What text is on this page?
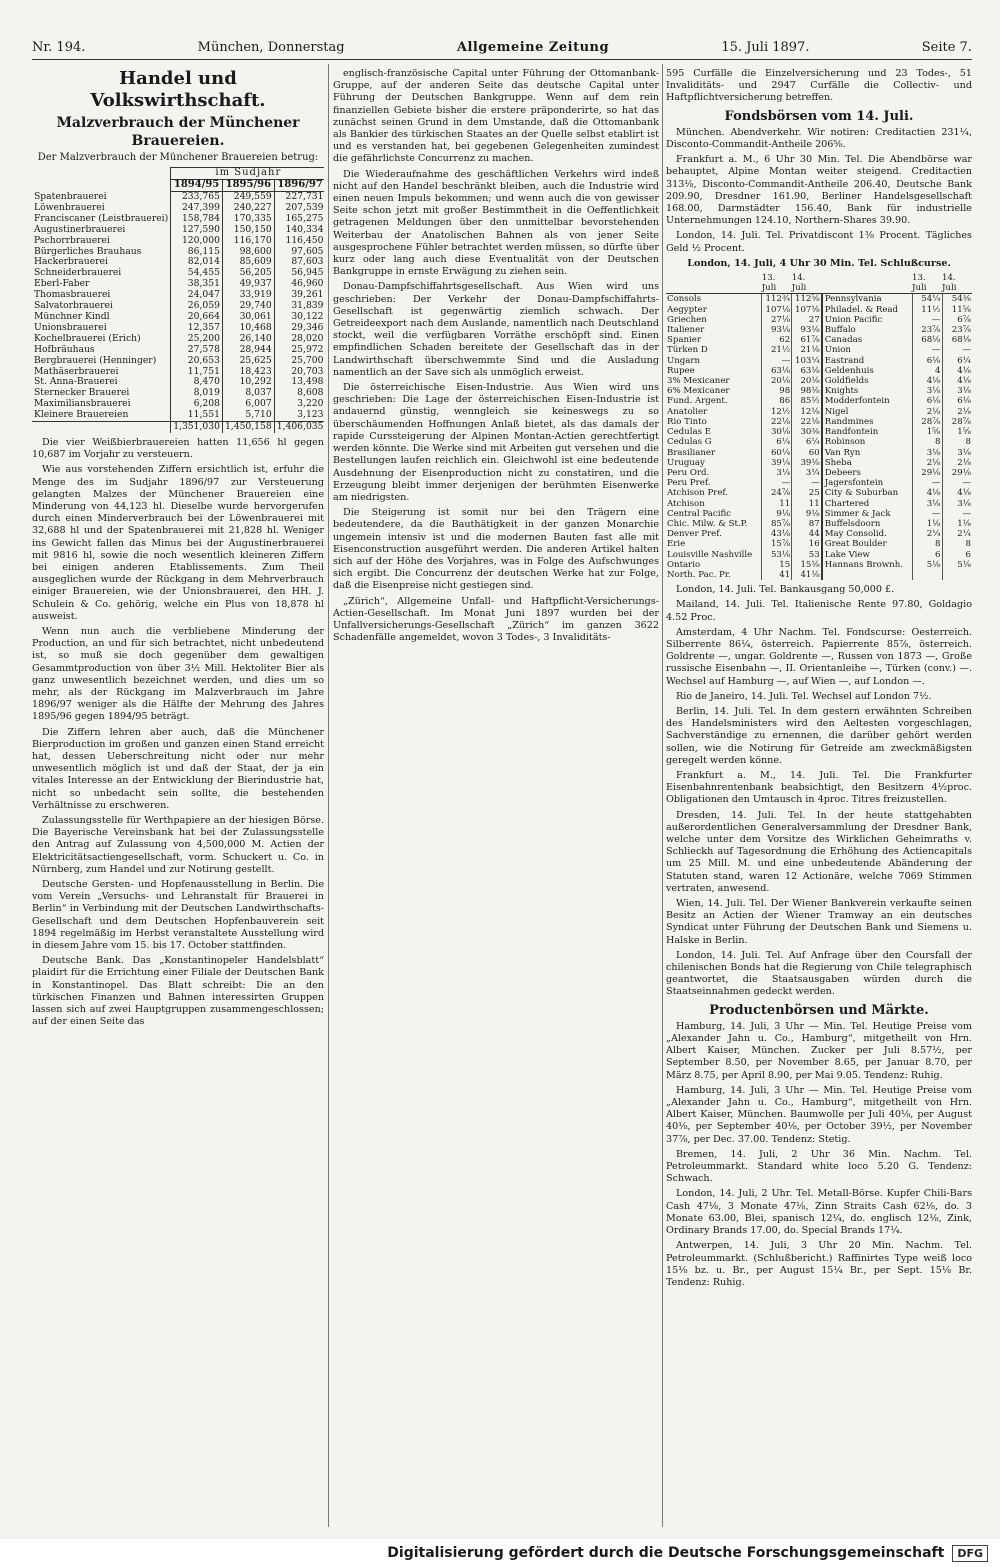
Nr. 194.	München, Donnerstag	Allgemeine Zeitung	15. Juli 1897.	Seite 7.
Handel und Volkswirthschaft.
Malzverbrauch der Münchener Brauereien.
Der Malzverbrauch der Münchener Brauereien betrug:
	im Sudjahr		
	1894/95	1895/96	1896/97
Spatenbrauerei	233,765	249,559	227,731
Löwenbrauerei	247,399	240,227	207,539
Franciscaner (Leistbrauerei)	158,784	170,335	165,275
Augustinerbrauerei	127,590	150,150	140,334
Pschorrbrauerei	120,000	116,170	116,450
Bürgerliches Brauhaus	86,115	98,600	97,605
Hackerbrauerei	82,014	85,609	87,603
Schneiderbrauerei	54,455	56,205	56,945
Eberl-Faber	38,351	49,937	46,960
Thomasbrauerei	24,047	33,919	39,261
Salvatorbrauerei	26,059	29,740	31,839
Münchner Kindl	20,664	30,061	30,122
Unionsbrauerei	12,357	10,468	29,346
Kochelbrauerei (Erich)	25,200	26,140	28,020
Hofbräuhaus	27,578	28,944	25,972
Bergbrauerei (Henninger)	20,653	25,625	25,700
Mathäserbrauerei	11,751	18,423	20,703
St. Anna-Brauerei	8,470	10,292	13,498
Sternecker Brauerei	8,019	8,037	8,608
Maximiliansbrauerei	6,208	6,007	3,220
Kleinere Brauereien	11,551	5,710	3,123
	1,351,030	1,450,158	1,406,035

Die vier Weißbierbrauereien hatten 11,656 hl gegen 10,687 im Vorjahr zu versteuern.

Wie aus vorstehenden Ziffern ersichtlich ist, erfuhr die Menge des im Sudjahr 1896/97 zur Versteuerung gelangten Malzes der Münchener Brauereien eine Minderung von 44,123 hl. Dieselbe wurde hervorgerufen durch einen Minderverbrauch bei der Löwenbrauerei mit 32,688 hl und der Spatenbrauerei mit 21,828 hl. Weniger ins Gewicht fallen das Minus bei der Augustinerbrauerei mit 9816 hl, sowie die noch wesentlich kleineren Ziffern bei einigen anderen Etablissements. Zum Theil ausgeglichen wurde der Rückgang in dem Mehrverbrauch einiger Brauereien, wie der Unionsbrauerei, den HH. J. Schulein & Co. gehörig, welche ein Plus von 18,878 hl ausweist.

Wenn nun auch die verbliebene Minderung der Production, an und für sich betrachtet, nicht unbedeutend ist, so muß sie doch gegenüber dem gewaltigen Gesammtproduction von über 3½ Mill. Hektoliter Bier als ganz unwesentlich bezeichnet werden, und dies um so mehr, als der Rückgang im Malzverbrauch im Jahre 1896/97 weniger als die Hälfte der Mehrung des Jahres 1895/96 gegen 1894/95 beträgt.

Die Ziffern lehren aber auch, daß die Münchener Bierproduction im großen und ganzen einen Stand erreicht hat, dessen Ueberschreitung nicht oder nur mehr unwesentlich möglich ist und daß der Staat, der ja ein vitales Interesse an der Entwicklung der Bierindustrie hat, nicht so unbedacht sein sollte, die bestehenden Verhältnisse zu erschweren.

Zulassungsstelle für Werthpapiere an der hiesigen Börse. Die Bayerische Vereinsbank hat bei der Zulassungsstelle den Antrag auf Zulassung von 4,500,000 M. Actien der Elektricitätsactiengesellschaft, vorm. Schuckert u. Co. in Nürnberg, zum Handel und zur Notirung gestellt.

Deutsche Gersten- und Hopfenausstellung in Berlin. Die vom Verein „Versuchs- und Lehranstalt für Brauerei in Berlin“ in Verbindung mit der Deutschen Landwirthschafts-Gesellschaft und dem Deutschen Hopfenbauverein seit 1894 regelmäßig im Herbst veranstaltete Ausstellung wird in diesem Jahre vom 15. bis 17. October stattfinden.

Deutsche Bank. Das „Konstantinopeler Handelsblatt“ plaidirt für die Errichtung einer Filiale der Deutschen Bank in Konstantinopel. Das Blatt schreibt: Die an den türkischen Finanzen und Bahnen interessirten Gruppen lassen sich auf zwei Hauptgruppen zusammengeschlossen; auf der einen Seite das

englisch-französische Capital unter Führung der Ottomanbank-Gruppe, auf der anderen Seite das deutsche Capital unter Führung der Deutschen Bankgruppe. Wenn auf dem rein finanziellen Gebiete bisher die erstere präponderirte, so hat das zunächst seinen Grund in dem Umstande, daß die Ottomanbank als Bankier des türkischen Staates an der Quelle selbst etablirt ist und es verstanden hat, bei gegebenen Gelegenheiten zumindest die gefährlichste Concurrenz zu machen.

Die Wiederaufnahme des geschäftlichen Verkehrs wird indeß nicht auf den Handel beschränkt bleiben, auch die Industrie wird einen neuen Impuls bekommen; und wenn auch die von gewisser Seite schon jetzt mit großer Bestimmtheit in die Oeffentlichkeit getragenen Meldungen über den unmittelbar bevorstehenden Weiterbau der Anatolischen Bahnen als von jener Seite ausgesprochene Fühler betrachtet werden müssen, so dürfte über kurz oder lang auch diese Eventualität von der Deutschen Bankgruppe in ernste Erwägung zu ziehen sein.

Donau-Dampfschiffahrtsgesellschaft. Aus Wien wird uns geschrieben: Der Verkehr der Donau-Dampfschiffahrts-Gesellschaft ist gegenwärtig ziemlich schwach. Der Getreideexport nach dem Auslande, namentlich nach Deutschland stockt, weil die verfügbaren Vorräthe erschöpft sind. Einen empfindlichen Schaden bereitete der Gesellschaft das in der Landwirthschaft überschwemmte Sind und die Ausladung namentlich an der Save sich als unmöglich erweist.

Die österreichische Eisen-Industrie. Aus Wien wird uns geschrieben: Die Lage der österreichischen Eisen-Industrie ist andauernd günstig, wenngleich sie keineswegs zu so überschäumenden Hoffnungen Anlaß bietet, als das damals der rapide Curssteigerung der Alpinen Montan-Actien gerechtfertigt werden könnte. Die Werke sind mit Arbeiten gut versehen und die Bestellungen laufen reichlich ein. Gleichwohl ist eine bedeutende Ausdehnung der Eisenproduction nicht zu constatiren, und die Erzeugung bleibt immer derjenigen der berühmten Eisenwerke am niedrigsten.

Die Steigerung ist somit nur bei den Trägern eine bedeutendere, da die Bauthätigkeit in der ganzen Monarchie ungemein intensiv ist und die modernen Bauten fast alle mit Eisenconstruction ausgeführt werden. Die anderen Artikel halten sich auf der Höhe des Vorjahres, was in Folge des Aufschwunges sich ergibt. Die Concurrenz der deutschen Werke hat zur Folge, daß die Eisenpreise nicht gestiegen sind.

„Zürich“, Allgemeine Unfall- und Haftpflicht-Versicherungs-Actien-Gesellschaft. Im Monat Juni 1897 wurden bei der Unfallversicherungs-Gesellschaft „Zürich“ im ganzen 3622 Schadenfälle angemeldet, wovon 3 Todes-, 3 Invaliditäts-

595 Curfälle die Einzelversicherung und 23 Todes-, 51 Invaliditäts- und 2947 Curfälle die Collectiv- und Haftpflichtversicherung betreffen.

Fondsbörsen vom 14. Juli.

München. Abendverkehr. Wir notiren: Creditactien 231¼, Disconto-Commandit-Antheile 206⅝.

Frankfurt a. M., 6 Uhr 30 Min. Tel. Die Abendbörse war behauptet, Alpine Montan weiter steigend. Creditactien 313⅛, Disconto-Commandit-Antheile 206.40, Deutsche Bank 209.90, Dresdner 161.90, Berliner Handelsgesellschaft 168.00, Darmstädter 156.40, Bank für industrielle Unternehmungen 124.10, Northern-Shares 39.90.

London, 14. Juli. Tel. Privatdiscont 1⅜ Procent. Tägliches Geld ½ Procent.

London, 14. Juli, 4 Uhr 30 Min. Tel. Schlußcurse.

	13. Juli	14. Juli		13. Juli	14. Juli
Consols	112¾	112⅝	Pennsylvania	54¼	54⅜
Aegypter	107⅛	107⅛	Philadel. & Read	11½	11⅝
Griechen	27⅛	27	Union Pacific	—	6⅞
Italiener	93⅛	93⅛	Buffalo	23⅞	23⅞
Spanier	62	61⅞	Canadas	68⅛	68⅛
Türken D	21½	21⅛	Union	—	—
Ungarn	—	103¼	Eastrand	6⅛	6¼
Rupee	63⅛	63⅛	Geldenhuis	4	4⅛
3% Mexicaner	20⅛	20⅛	Goldfields	4⅛	4⅛
6% Mexicaner	98	98⅛	Knights	3⅛	3⅛
Fund. Argent.	86	85½	Modderfontein	6⅛	6⅛
Anatolier	12½	12⅛	Nigel	2⅛	2⅛
Rio Tinto	22⅛	22⅛	Randmines	28⅞	28⅞
Cedulas E	30⅛	30⅜	Randfontein	1⅝	1⅝
Cedulas G	6¼	6¼	Robinson	8	8
Brasilianer	60¼	60	Van Ryn	3⅛	3⅛
Uruguay	39¼	39⅛	Sheba	2⅛	2⅛
Peru Ord.	3¼	3¼	Debeers	29⅛	29⅛
Peru Pref.	—	—	Jagersfontein	—	—
Atchison Pref.	24⅞	25	City & Suburban	4⅛	4⅛
Atchison	11	11	Chartered	3⅛	3⅛
Central Pacific	9⅛	9⅛	Simmer & Jack	—	—
Chic. Milw. & St.P.	85⅞	87	Buffelsdoorn	1⅛	1⅛
Denver Pref.	43⅛	44	May Consolid.	2¼	2¼
Erie	15⅞	16	Great Boulder	8	8
Louisville Nashville	53⅛	53	Lake View	6	6
Ontario	15	15⅛	Hannans Brownh.	5⅛	5⅛
North. Pac. Pr.	41	41⅛			

London, 14. Juli. Tel. Bankausgang 50,000 £.

Mailand, 14. Juli. Tel. Italienische Rente 97.80, Goldagio 4.52 Proc.

Amsterdam, 4 Uhr Nachm. Tel. Fondscurse: Oesterreich. Silberrente 86¼, österreich. Papierrente 85⅞, österreich. Goldrente —, ungar. Goldrente —, Russen von 1873 —, Große russische Eisenbahn —, II. Orientanleihe —, Türken (conv.) —. Wechsel auf Hamburg —, auf Wien —, auf London —.

Rio de Janeiro, 14. Juli. Tel. Wechsel auf London 7½.

Berlin, 14. Juli. Tel. In dem gestern erwähnten Schreiben des Handelsministers wird den Aeltesten vorgeschlagen, Sachverständige zu ernennen, die darüber gehört werden sollen, wie die Notirung für Getreide am zweckmäßigsten geregelt werden könne.

Frankfurt a. M., 14. Juli. Tel. Die Frankfurter Eisenbahnrentenbank beabsichtigt, den Besitzern 4½proc. Obligationen den Umtausch in 4proc. Titres freizustellen.

Dresden, 14. Juli. Tel. In der heute stattgehabten außerordentlichen Generalversammlung der Dresdner Bank, welche unter dem Vorsitze des Wirklichen Geheimraths v. Schlieckh auf Tagesordnung die Erhöhung des Actiencapitals um 25 Mill. M. und eine unbedeutende Abänderung der Statuten stand, waren 12 Actionäre, welche 7069 Stimmen vertraten, anwesend.

Wien, 14. Juli. Tel. Der Wiener Bankverein verkaufte seinen Besitz an Actien der Wiener Tramway an ein deutsches Syndicat unter Führung der Deutschen Bank und Siemens u. Halske in Berlin.

London, 14. Juli. Tel. Auf Anfrage über den Coursfall der chilenischen Bonds hat die Regierung von Chile telegraphisch geantwortet, die Staatsausgaben würden durch die Staatseinnahmen gedeckt werden.

Productenbörsen und Märkte.

Hamburg, 14. Juli, 3 Uhr — Min. Tel. Heutige Preise vom „Alexander Jahn u. Co., Hamburg“, mitgetheilt von Hrn. Albert Kaiser, München. Zucker per Juli 8.57½, per September 8.50, per November 8.65, per Januar 8.70, per März 8.75, per April 8.90, per Mai 9.05. Tendenz: Ruhig.

Hamburg, 14. Juli, 3 Uhr — Min. Tel. Heutige Preise vom „Alexander Jahn u. Co., Hamburg“, mitgetheilt von Hrn. Albert Kaiser, München. Baumwolle per Juli 40⅛, per August 40⅛, per September 40⅛, per October 39½, per November 37⅞, per Dec. 37.00. Tendenz: Stetig.

Bremen, 14. Juli, 2 Uhr 36 Min. Nachm. Tel. Petroleummarkt. Standard white loco 5.20 G. Tendenz: Schwach.

London, 14. Juli, 2 Uhr. Tel. Metall-Börse. Kupfer Chili-Bars Cash 47⅛, 3 Monate 47⅛, Zinn Straits Cash 62⅛, do. 3 Monate 63.00, Blei, spanisch 12¼, do. englisch 12⅛, Zink, Ordinary Brands 17.00, do. Special Brands 17¼.

Antwerpen, 14. Juli, 3 Uhr 20 Min. Nachm. Tel. Petroleummarkt. (Schlußbericht.) Raffinirtes Type weiß loco 15⅛ bz. u. Br., per August 15¼ Br., per Sept. 15⅛ Br. Tendenz: Ruhig.

Digitalisierung gefördert durch die Deutsche Forschungsgemeinschaft	DFG
